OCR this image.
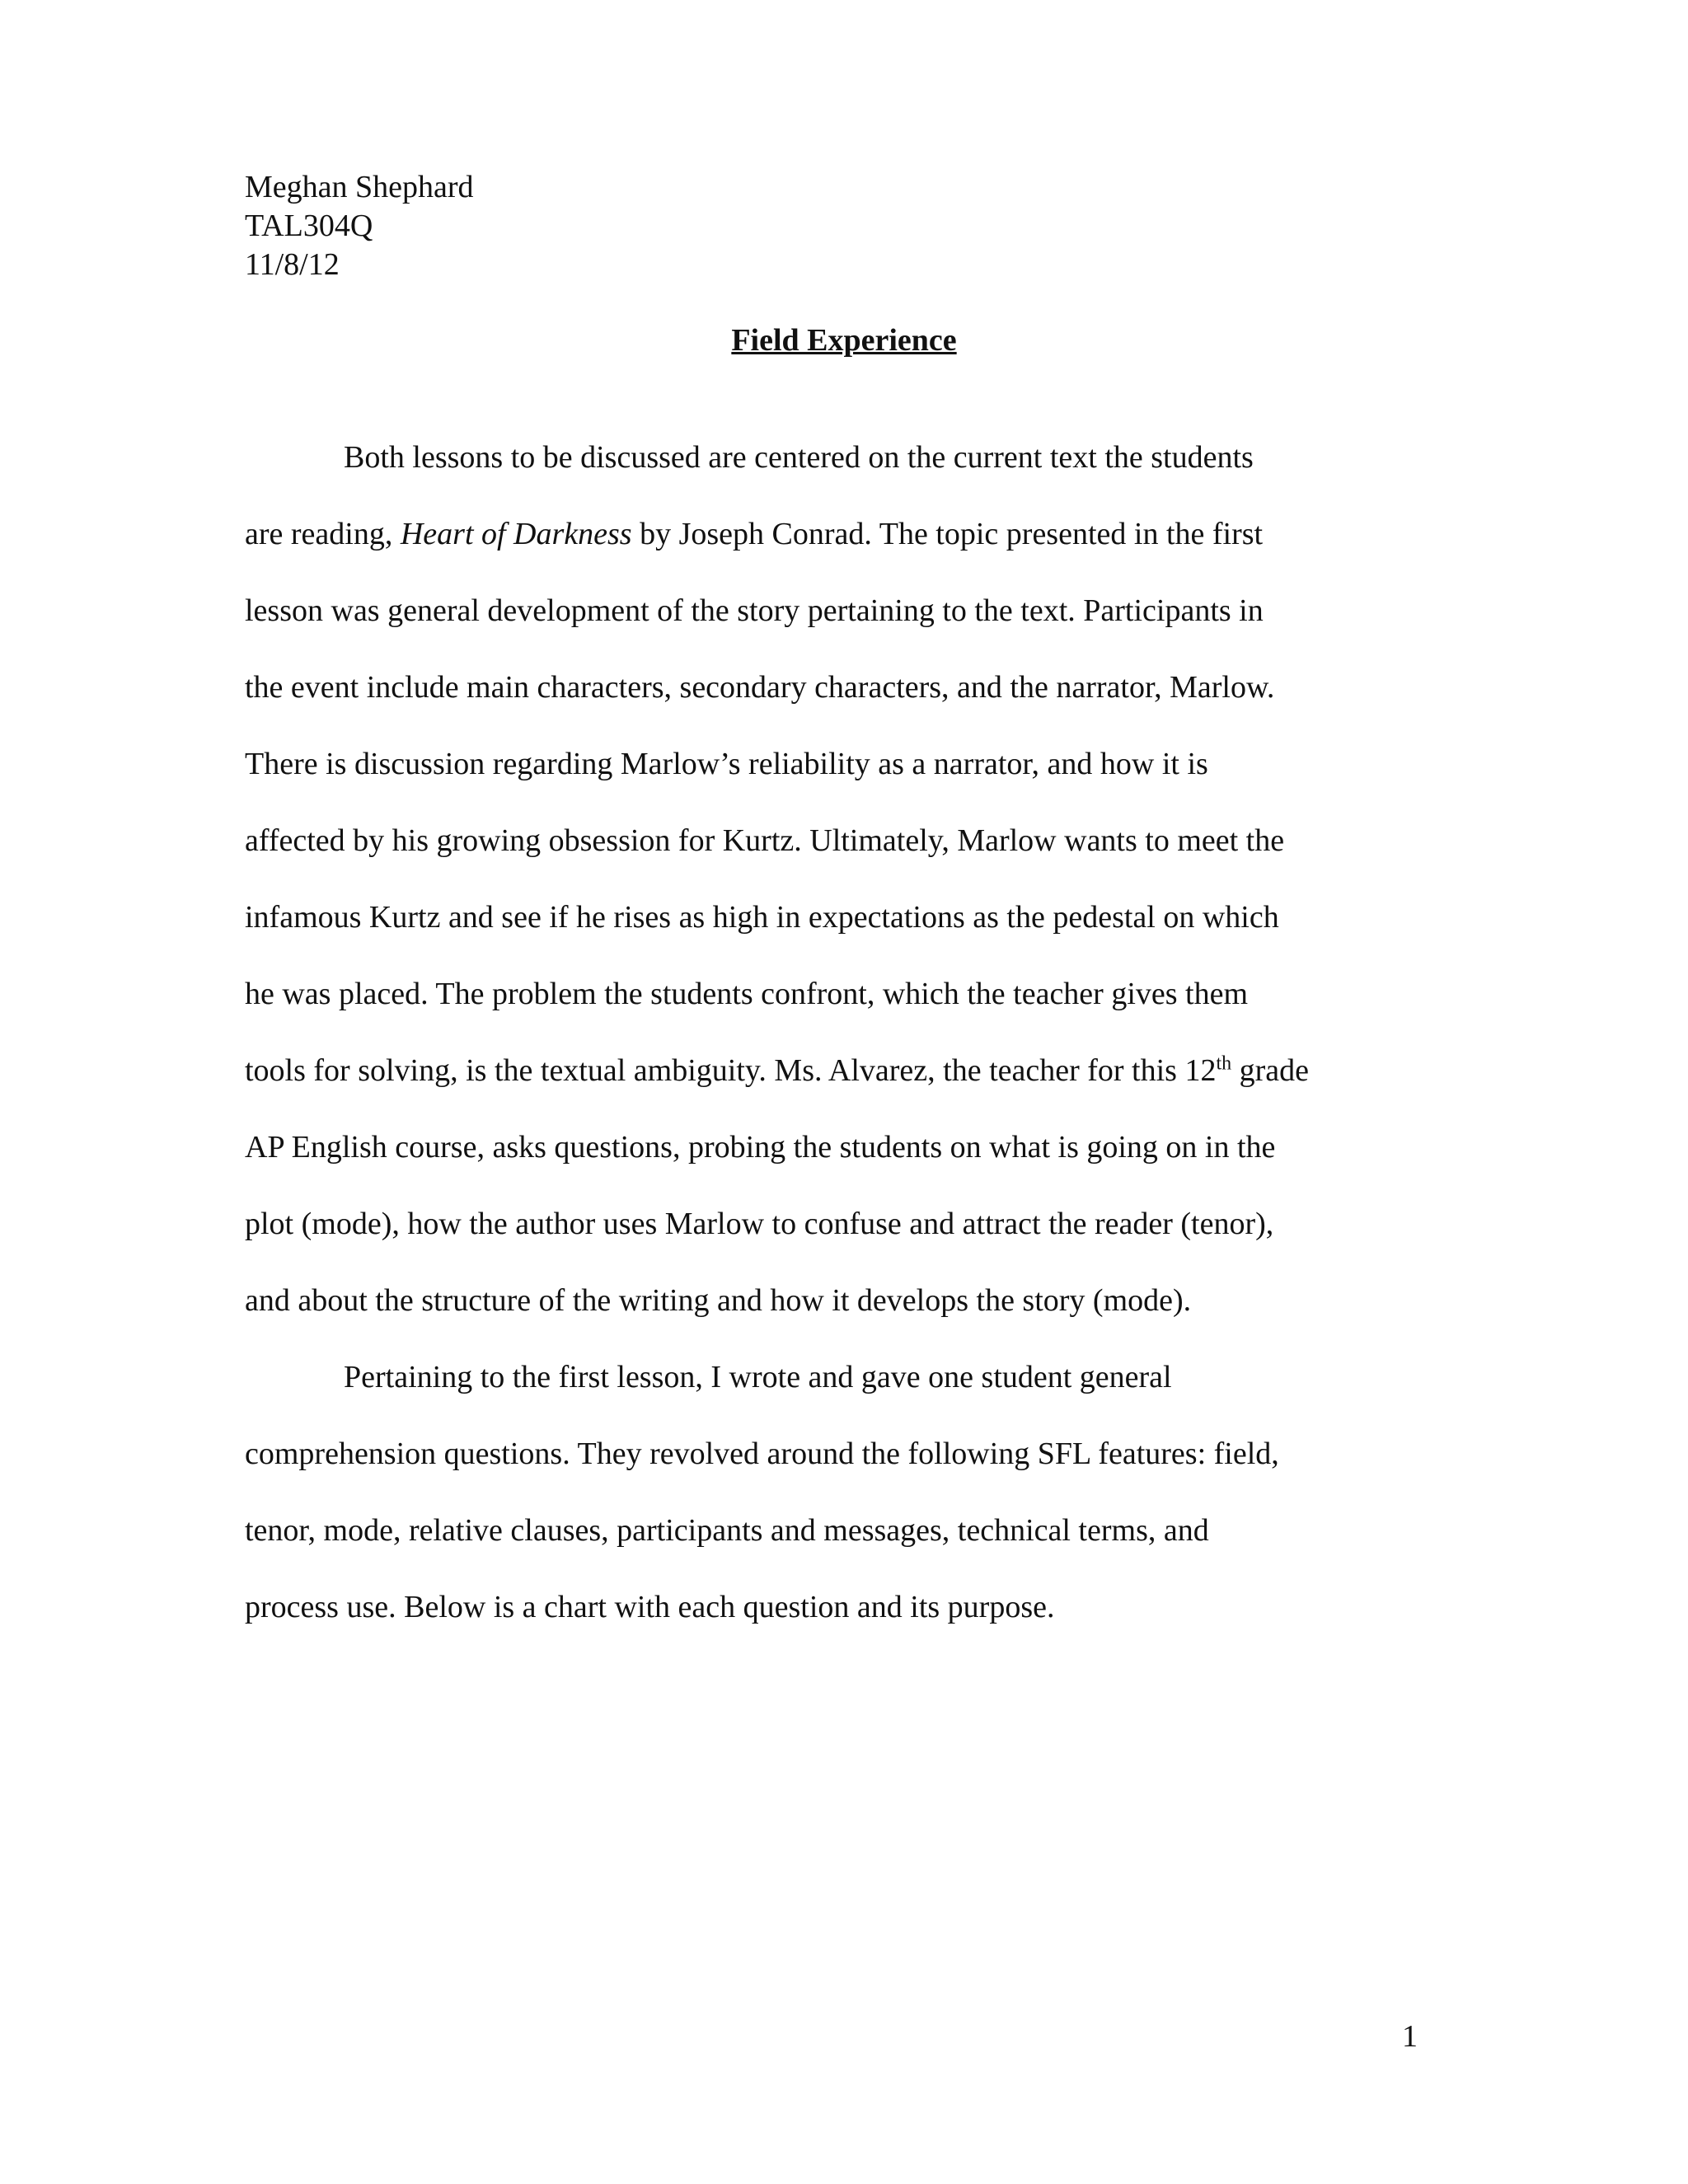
Meghan Shephard
TAL304Q
11/8/12
Field Experience
Both lessons to be discussed are centered on the current text the students
are reading, Heart of Darkness by Joseph Conrad. The topic presented in the first
lesson was general development of the story pertaining to the text. Participants in
the event include main characters, secondary characters, and the narrator, Marlow.
There is discussion regarding Marlow’s reliability as a narrator, and how it is
affected by his growing obsession for Kurtz. Ultimately, Marlow wants to meet the
infamous Kurtz and see if he rises as high in expectations as the pedestal on which
he was placed. The problem the students confront, which the teacher gives them
tools for solving, is the textual ambiguity. Ms. Alvarez, the teacher for this 12th grade
AP English course, asks questions, probing the students on what is going on in the
plot (mode), how the author uses Marlow to confuse and attract the reader (tenor),
and about the structure of the writing and how it develops the story (mode).
Pertaining to the first lesson, I wrote and gave one student general
comprehension questions. They revolved around the following SFL features: field,
tenor, mode, relative clauses, participants and messages, technical terms, and
process use. Below is a chart with each question and its purpose.
1
